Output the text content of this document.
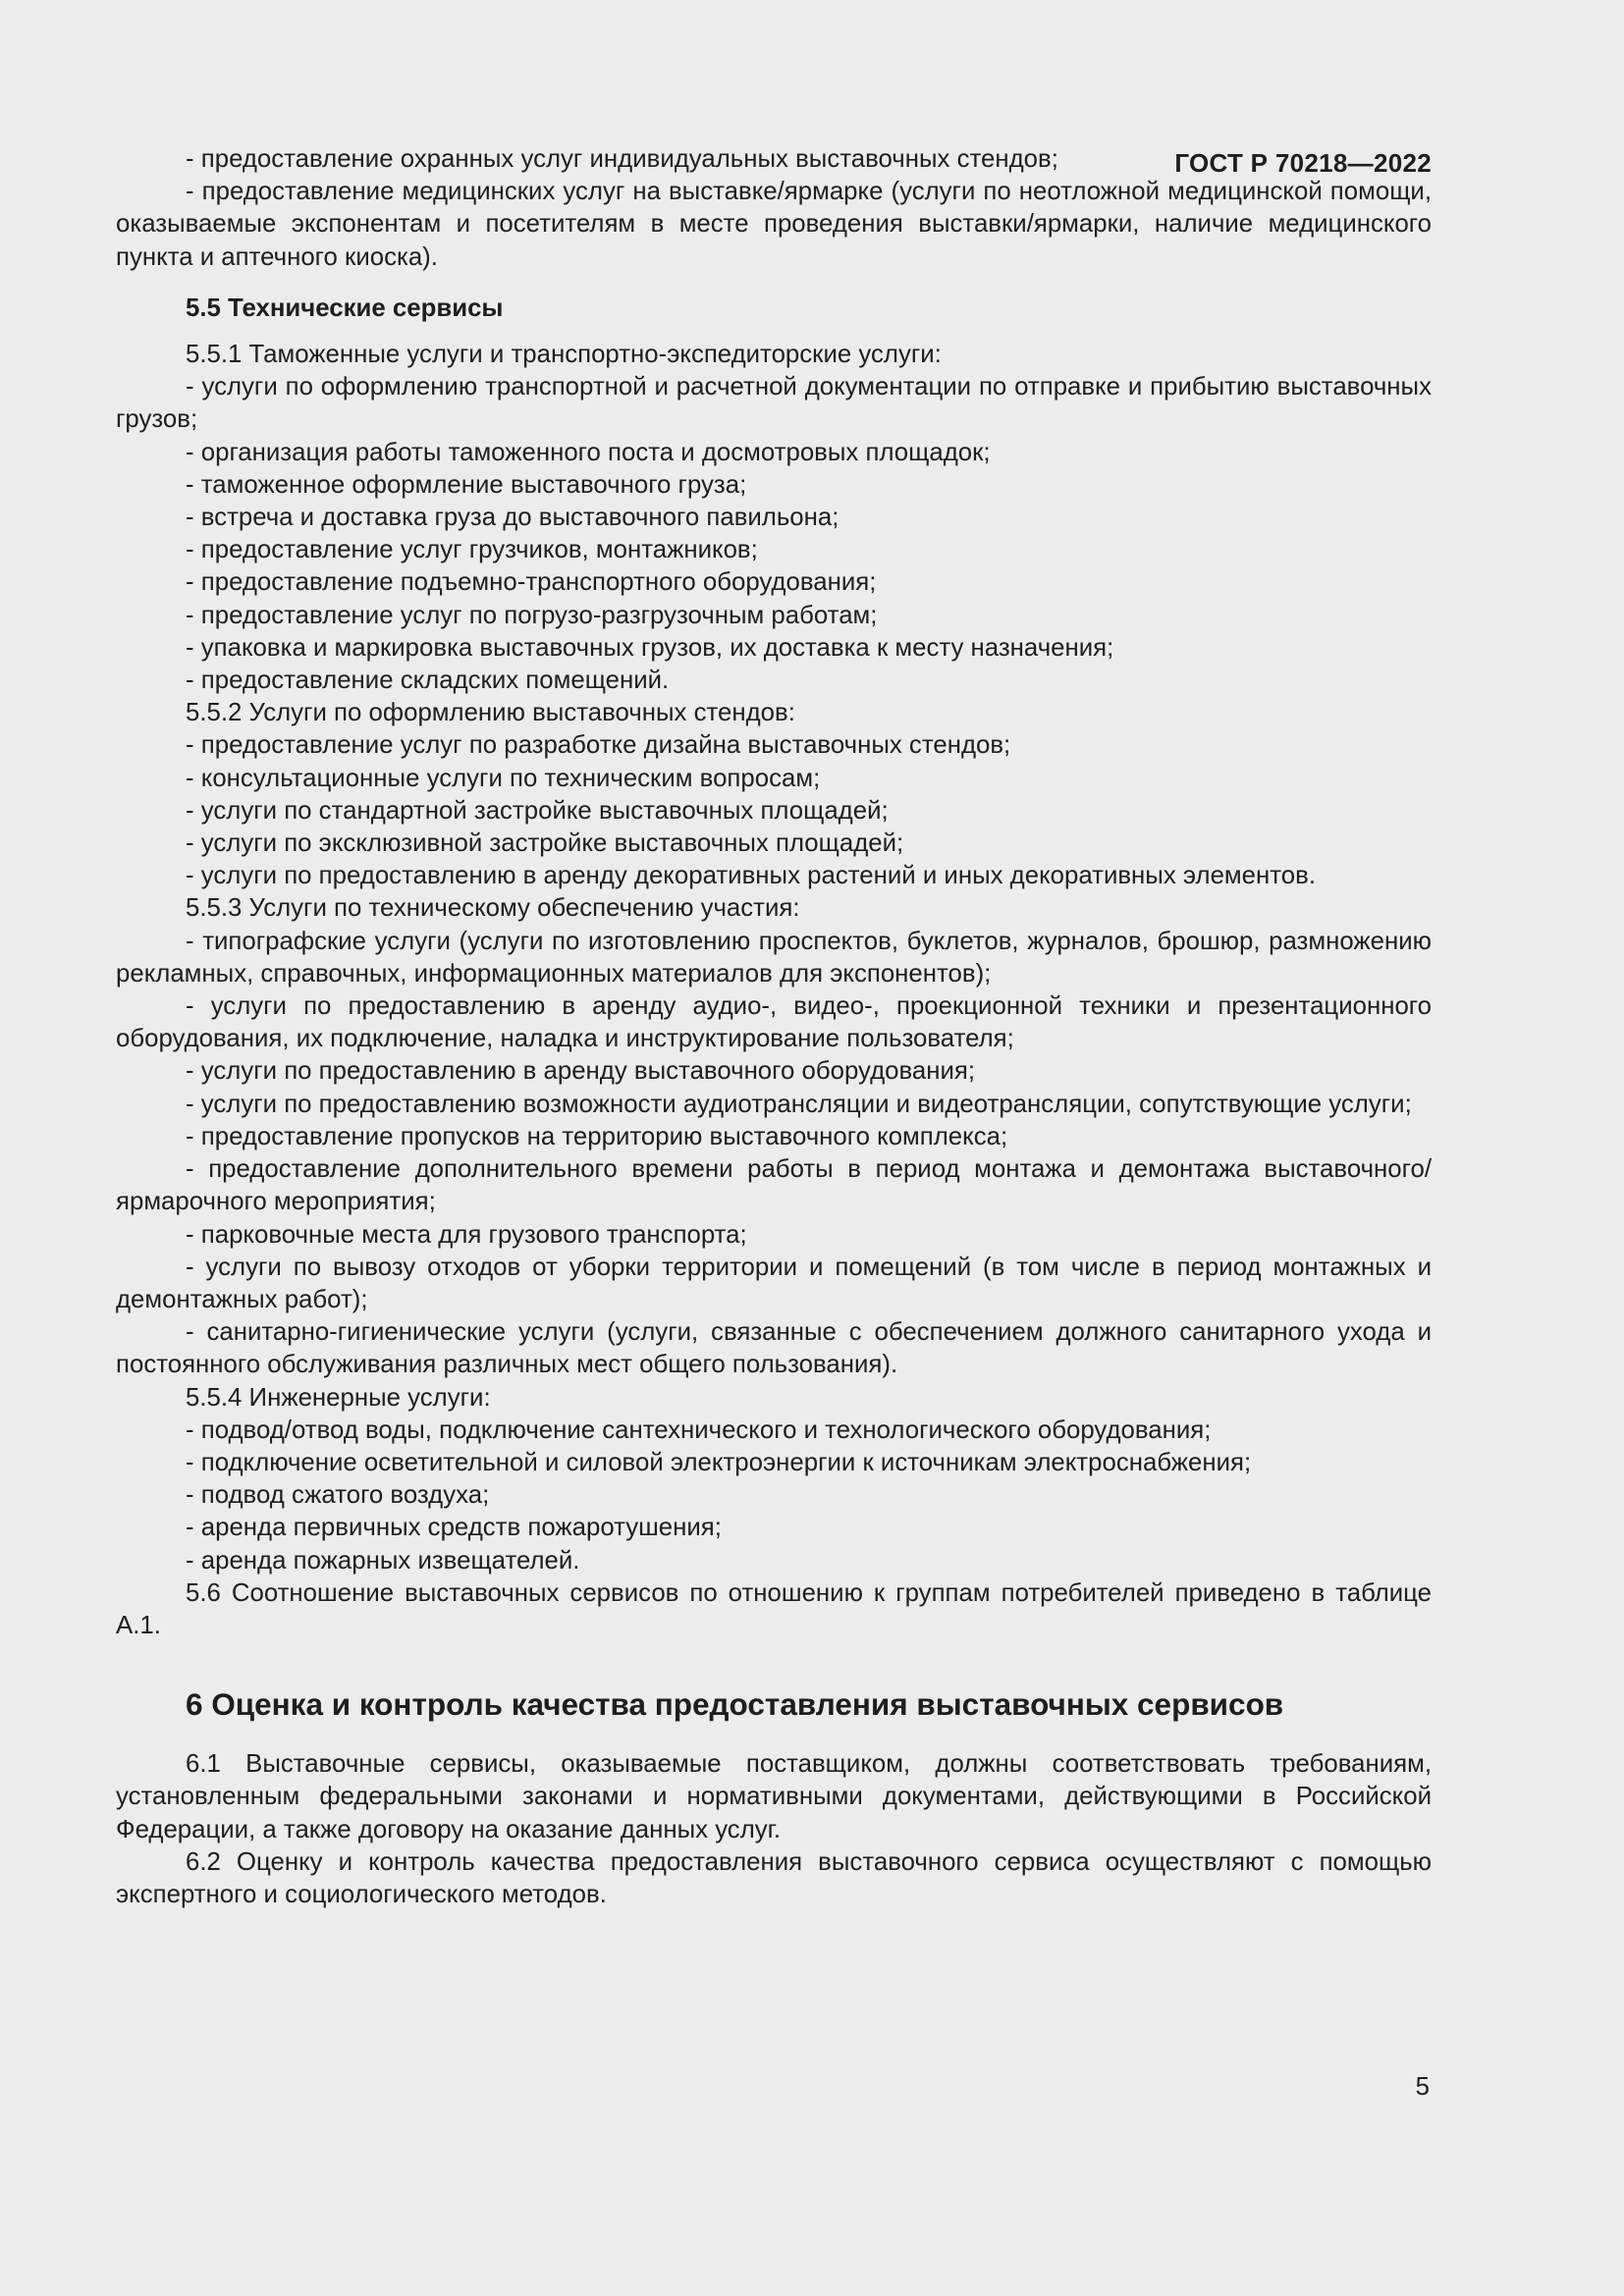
ГОСТ Р 70218—2022

- предоставление охранных услуг индивидуальных выставочных стендов;

- предоставление медицинских услуг на выставке/ярмарке (услуги по неотложной медицинской помощи, оказываемые экспонентам и посетителям в месте проведения выставки/ярмарки, наличие медицинского пункта и аптечного киоска).

5.5 Технические сервисы

5.5.1 Таможенные услуги и транспортно-экспедиторские услуги:

- услуги по оформлению транспортной и расчетной документации по отправке и прибытию выставочных грузов;

- организация работы таможенного поста и досмотровых площадок;

- таможенное оформление выставочного груза;

- встреча и доставка груза до выставочного павильона;

- предоставление услуг грузчиков, монтажников;

- предоставление подъемно-транспортного оборудования;

- предоставление услуг по погрузо-разгрузочным работам;

- упаковка и маркировка выставочных грузов, их доставка к месту назначения;

- предоставление складских помещений.

5.5.2 Услуги по оформлению выставочных стендов:

- предоставление услуг по разработке дизайна выставочных стендов;

- консультационные услуги по техническим вопросам;

- услуги по стандартной застройке выставочных площадей;

- услуги по эксклюзивной застройке выставочных площадей;

- услуги по предоставлению в аренду декоративных растений и иных декоративных элементов.

5.5.3 Услуги по техническому обеспечению участия:

- типографские услуги (услуги по изготовлению проспектов, буклетов, журналов, брошюр, размножению рекламных, справочных, информационных материалов для экспонентов);

- услуги по предоставлению в аренду аудио-, видео-, проекционной техники и презентационного оборудования, их подключение, наладка и инструктирование пользователя;

- услуги по предоставлению в аренду выставочного оборудования;

- услуги по предоставлению возможности аудиотрансляции и видеотрансляции, сопутствующие услуги;

- предоставление пропусков на территорию выставочного комплекса;

- предоставление дополнительного времени работы в период монтажа и демонтажа выставочного/ярмарочного мероприятия;

- парковочные места для грузового транспорта;

- услуги по вывозу отходов от уборки территории и помещений (в том числе в период монтажных и демонтажных работ);

- санитарно-гигиенические услуги (услуги, связанные с обеспечением должного санитарного ухода и постоянного обслуживания различных мест общего пользования).

5.5.4 Инженерные услуги:

- подвод/отвод воды, подключение сантехнического и технологического оборудования;

- подключение осветительной и силовой электроэнергии к источникам электроснабжения;

- подвод сжатого воздуха;

- аренда первичных средств пожаротушения;

- аренда пожарных извещателей.

5.6 Соотношение выставочных сервисов по отношению к группам потребителей приведено в таблице А.1.

6 Оценка и контроль качества предоставления выставочных сервисов

6.1 Выставочные сервисы, оказываемые поставщиком, должны соответствовать требованиям, установленным федеральными законами и нормативными документами, действующими в Российской Федерации, а также договору на оказание данных услуг.

6.2 Оценку и контроль качества предоставления выставочного сервиса осуществляют с помощью экспертного и социологического методов.

5
